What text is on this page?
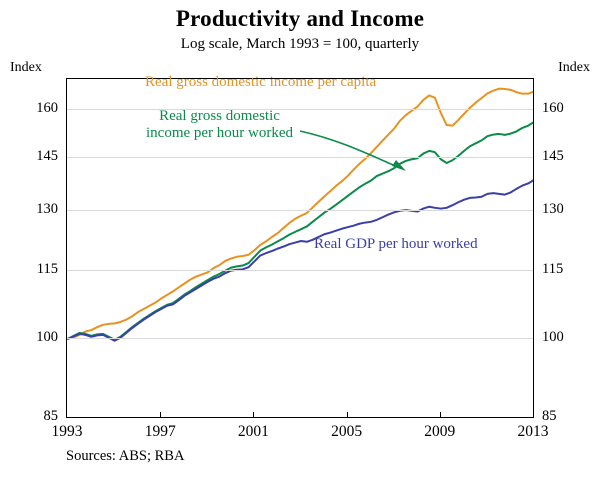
Productivity and Income
Log scale, March 1993 = 100, quarterly
Index	Index
85	85
100	100
115	115
130	130
145	145
160	160
1993	1997	2001	2005	2009	2013
Real gross domestic income per capita
Real gross domestic
income per hour worked
Real GDP per hour worked
Sources: ABS; RBA
